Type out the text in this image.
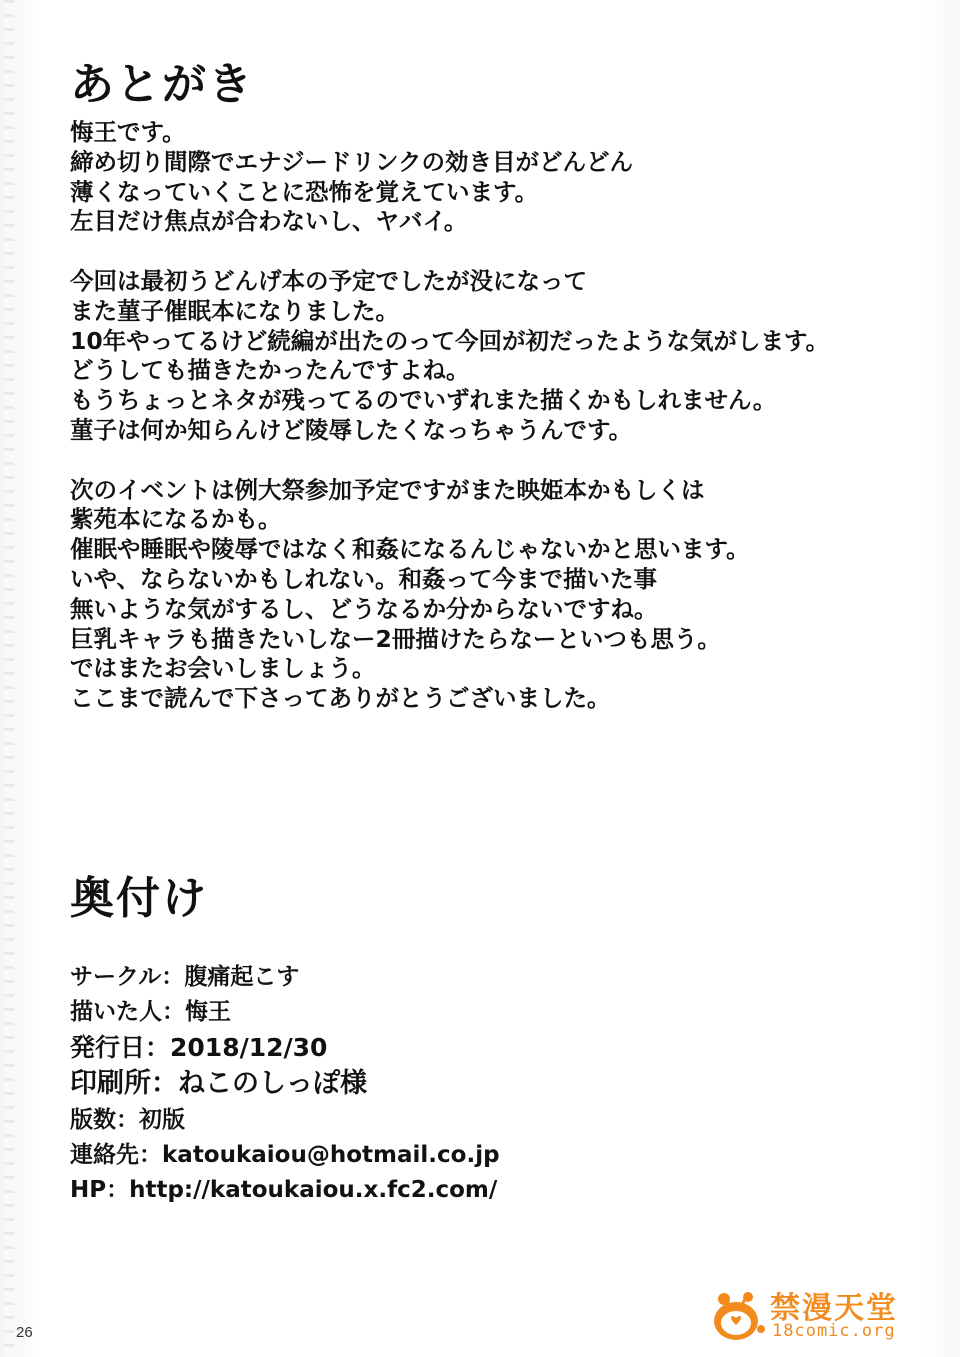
あとがき

悔王です。
締め切り間際でエナジードリンクの効き目がどんどん
薄くなっていくことに恐怖を覚えています。
左目だけ焦点が合わないし、ヤバイ。

今回は最初うどんげ本の予定でしたが没になって
また菫子催眠本になりました。
10年やってるけど続編が出たのって今回が初だったような気がします。
どうしても描きたかったんですよね。
もうちょっとネタが残ってるのでいずれまた描くかもしれません。
菫子は何か知らんけど陵辱したくなっちゃうんです。

次のイベントは例大祭参加予定ですがまた映姫本かもしくは
紫苑本になるかも。
催眠や睡眠や陵辱ではなく和姦になるんじゃないかと思います。
いや、ならないかもしれない。和姦って今まで描いた事
無いような気がするし、どうなるか分からないですね。
巨乳キャラも描きたいしなー2冊描けたらなーといつも思う。
ではまたお会いしましょう。
ここまで読んで下さってありがとうございました。

奥付け
サークル：腹痛起こす
描いた人：悔王
発行日：2018/12/30
印刷所：ねこのしっぽ様
版数：初版
連絡先：katoukaiou@hotmail.co.jp
HP：http://katoukaiou.x.fc2.com/
26
禁漫天堂
18comic.org
